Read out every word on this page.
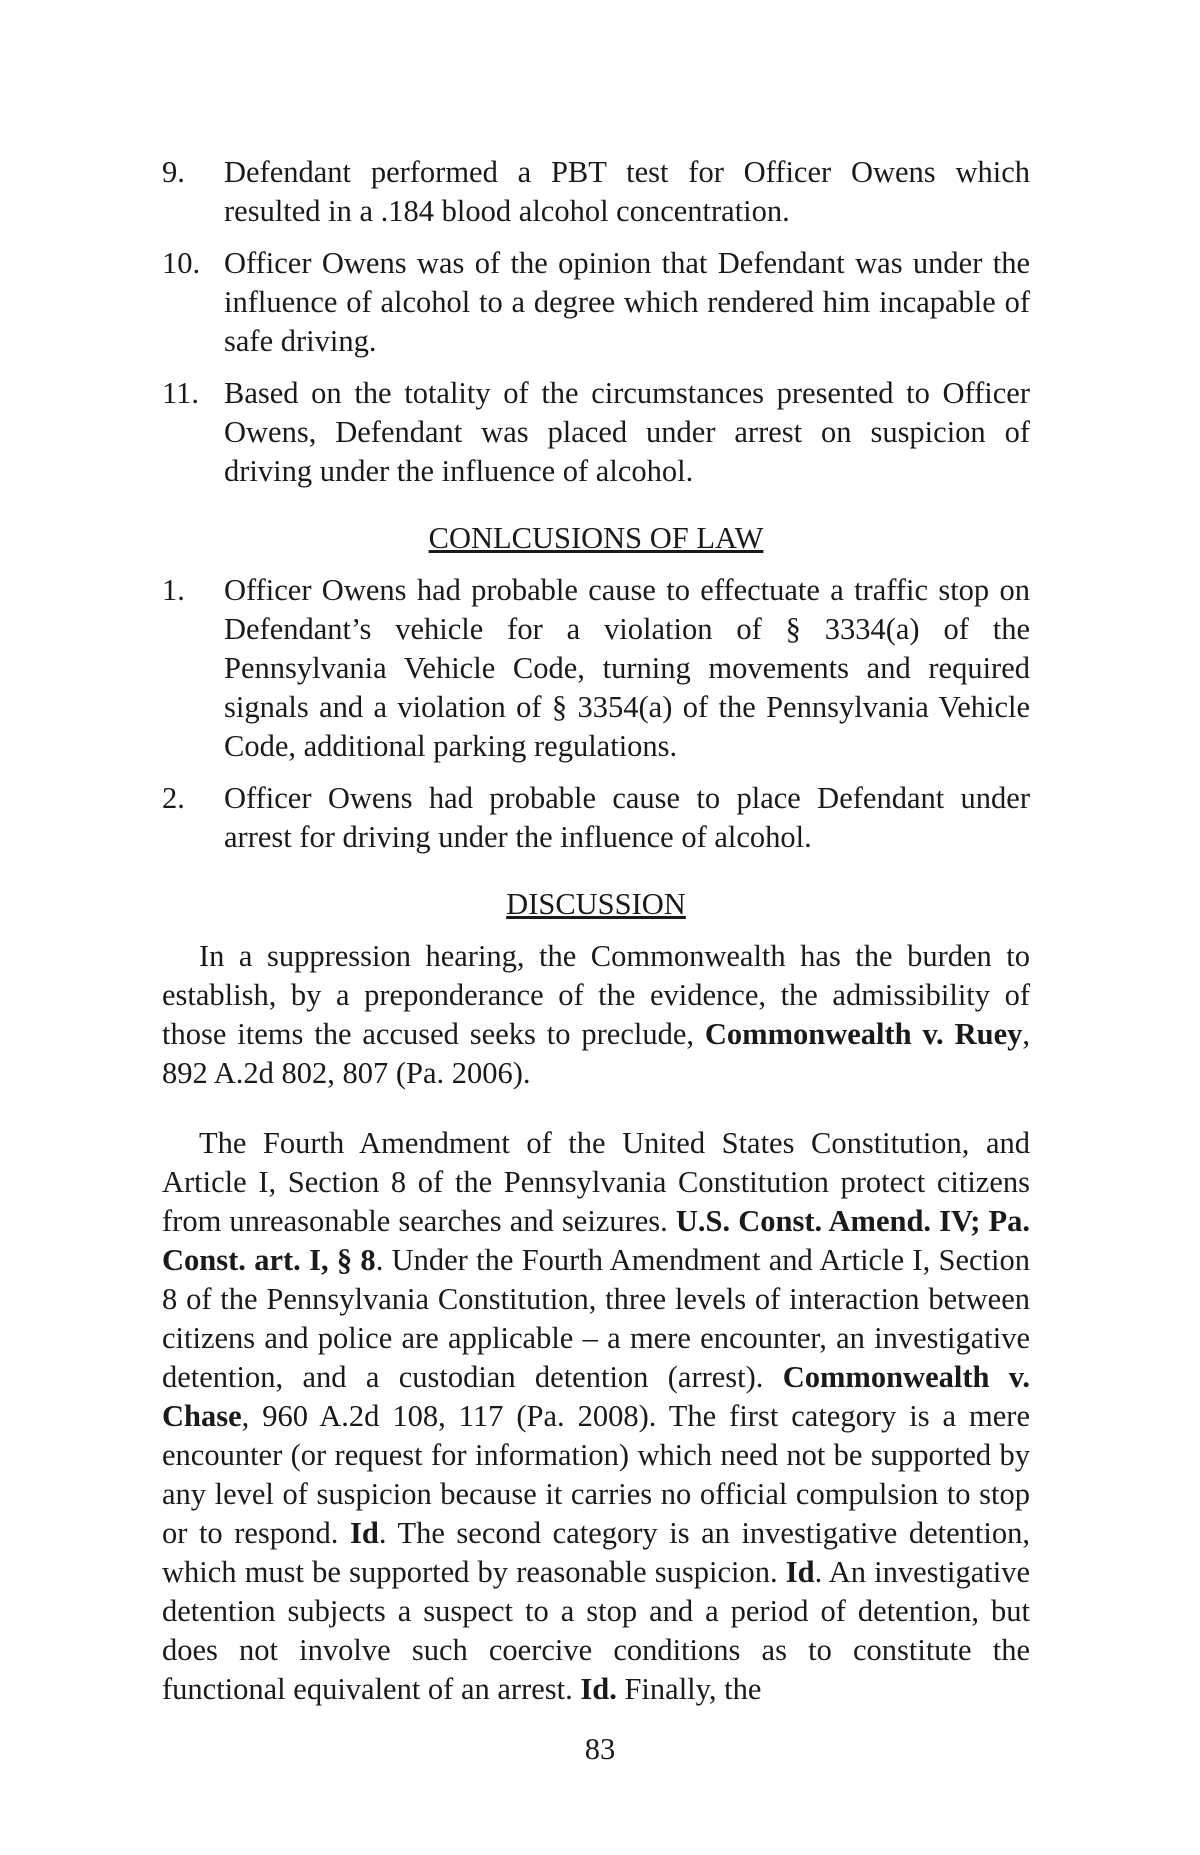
9.	Defendant performed a PBT test for Officer Owens which resulted in a .184 blood alcohol concentration.
10. Officer Owens was of the opinion that Defendant was under the influence of alcohol to a degree which rendered him incapable of safe driving.
11. Based on the totality of the circumstances presented to Officer Owens, Defendant was placed under arrest on suspicion of driving under the influence of alcohol.
CONLCUSIONS OF LAW
1.	Officer Owens had probable cause to effectuate a traffic stop on Defendant’s vehicle for a violation of § 3334(a) of the Pennsylvania Vehicle Code, turning movements and required signals and a violation of § 3354(a) of the Pennsylvania Vehicle Code, additional parking regulations.
2.	Officer Owens had probable cause to place Defendant under arrest for driving under the influence of alcohol.
DISCUSSION

In a suppression hearing, the Commonwealth has the burden to establish, by a preponderance of the evidence, the admissibility of those items the accused seeks to preclude, Commonwealth v. Ruey, 892 A.2d 802, 807 (Pa. 2006).

The Fourth Amendment of the United States Constitution, and Article I, Section 8 of the Pennsylvania Constitution protect citizens from unreasonable searches and seizures. U.S. Const. Amend. IV; Pa. Const. art. I, § 8. Under the Fourth Amendment and Article I, Section 8 of the Pennsylvania Constitution, three levels of interaction between citizens and police are applicable – a mere encounter, an investigative detention, and a custodian detention (arrest). Commonwealth v. Chase, 960 A.2d 108, 117 (Pa. 2008). The first category is a mere encounter (or request for information) which need not be supported by any level of suspicion because it carries no official compulsion to stop or to respond. Id. The second category is an investigative detention, which must be supported by reasonable suspicion. Id. An investigative detention subjects a suspect to a stop and a period of detention, but does not involve such coercive conditions as to constitute the functional equivalent of an arrest. Id. Finally, the

83
